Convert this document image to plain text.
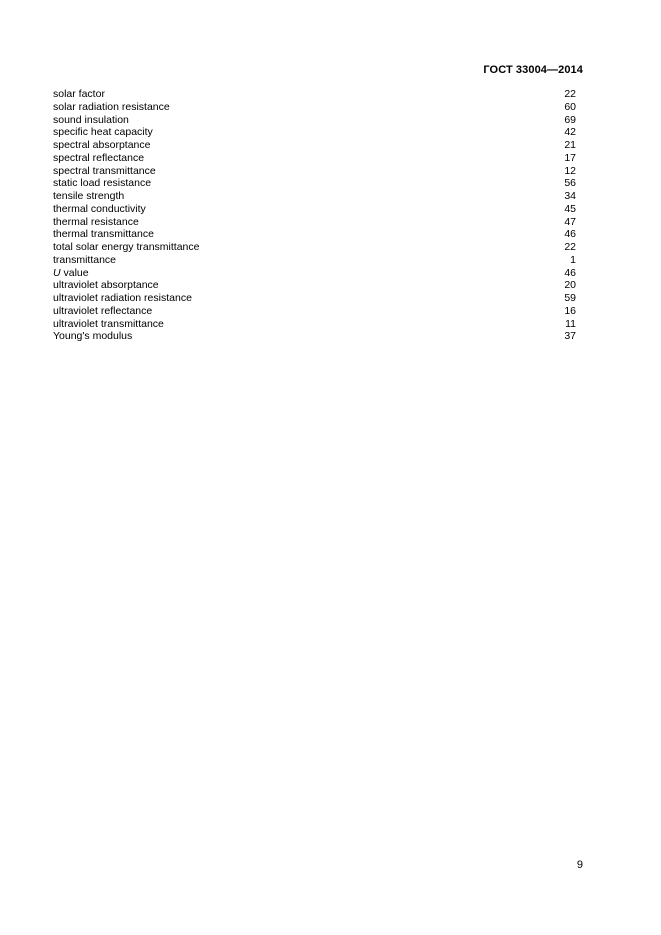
ГОСТ 33004—2014
solar factor	22
solar radiation resistance	60
sound insulation	69
specific heat capacity	42
spectral absorptance	21
spectral reflectance	17
spectral transmittance	12
static load resistance	56
tensile strength	34
thermal conductivity	45
thermal resistance	47
thermal transmittance	46
total solar energy transmittance	22
transmittance	1
U value	46
ultraviolet absorptance	20
ultraviolet radiation resistance	59
ultraviolet reflectance	16
ultraviolet transmittance	11
Young's modulus	37
9
